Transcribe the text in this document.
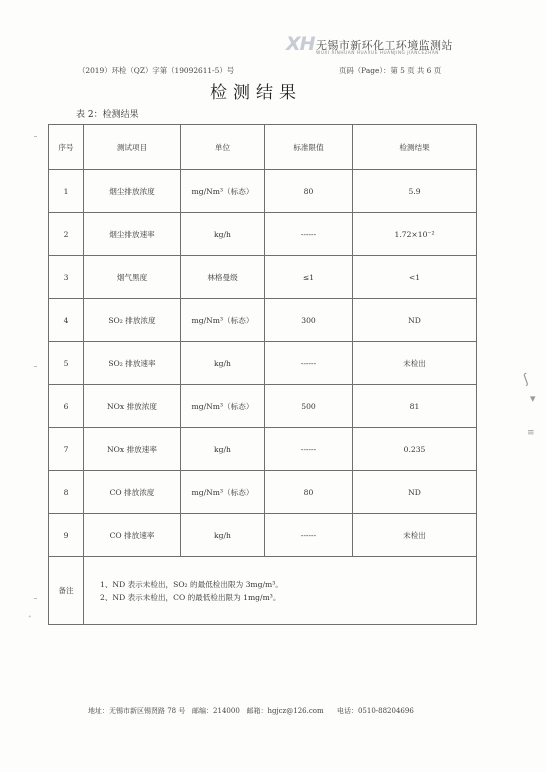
XH 无锡市新环化工环境监测站
WUXI XINHUAN HUAXUE HUANJING JIANCEZHAN
（2019）环检（QZ）字第（19092611-5）号	页码（Page）：第 5 页 共 6 页
检测结果
表 2：检测结果
•
ʃ
▾
≡
序号	测试项目	单位	标准限值	检测结果
1	烟尘排放浓度	mg/Nm³（标态）	80	5.9
2	烟尘排放速率	kg/h	------	1.72×10⁻²
3	烟气黑度	林格曼级	≤1	<1
4	SO₂ 排放浓度	mg/Nm³（标态）	300	ND
5	SO₂ 排放速率	kg/h	------	未检出
6	NOx 排放浓度	mg/Nm³（标态）	500	81
7	NOx 排放速率	kg/h	------	0.235
8	CO 排放浓度	mg/Nm³（标态）	80	ND
9	CO 排放速率	kg/h	------	未检出
备注	1、ND 表示未检出，SO₂ 的最低检出限为 3mg/m³。
2、ND 表示未检出，CO 的最低检出限为 1mg/m³。			
地址：无锡市新区锡贤路 78 号 邮编：214000 邮箱：hgjcz@126.com 电话：0510-88204696
